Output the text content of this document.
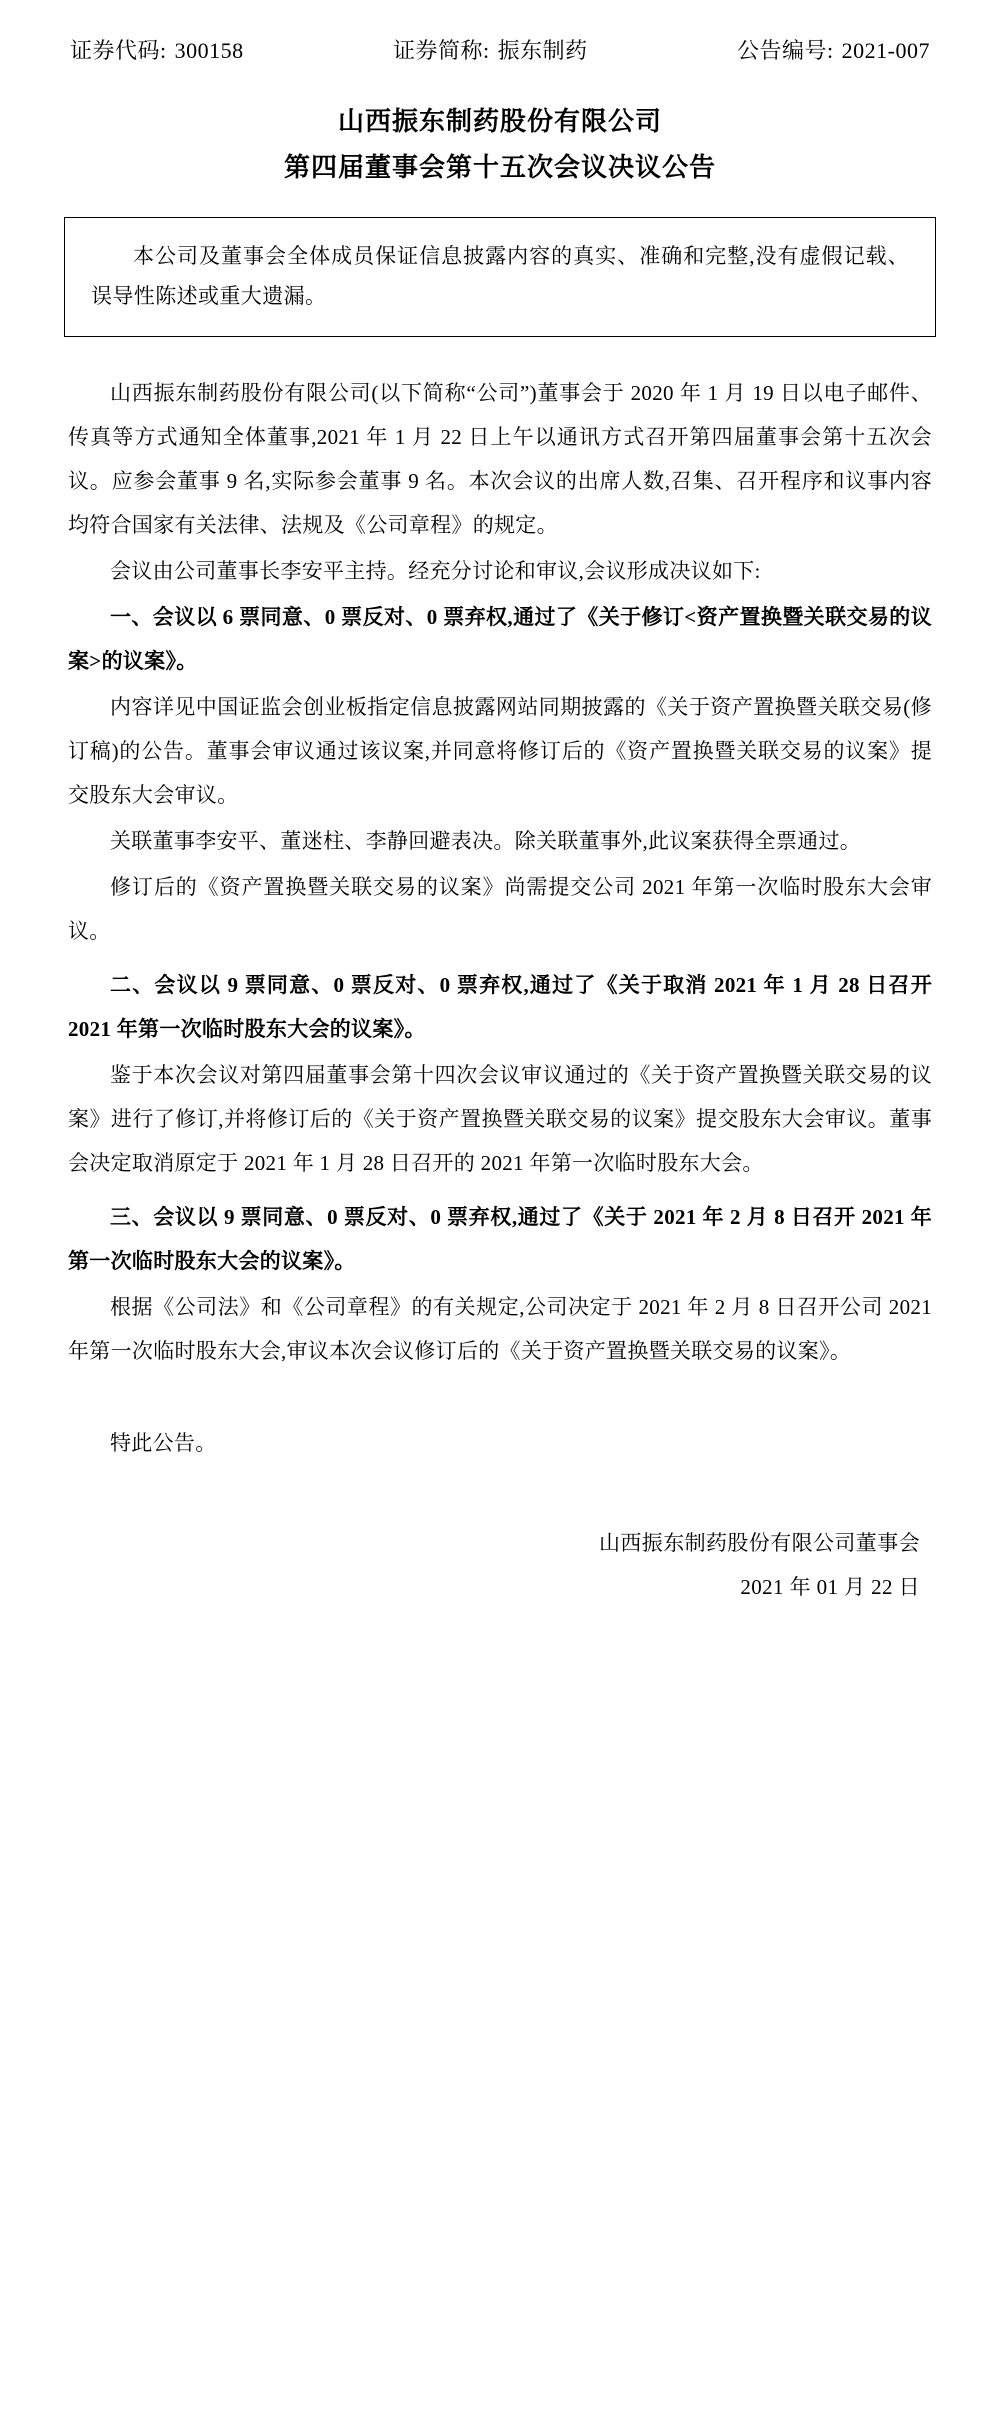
证券代码: 300158	证券简称: 振东制药	公告编号: 2021-007
山西振东制药股份有限公司
第四届董事会第十五次会议决议公告

本公司及董事会全体成员保证信息披露内容的真实、准确和完整,没有虚假记载、误导性陈述或重大遗漏。

山西振东制药股份有限公司(以下简称“公司”)董事会于 2020 年 1 月 19 日以电子邮件、传真等方式通知全体董事,2021 年 1 月 22 日上午以通讯方式召开第四届董事会第十五次会议。应参会董事 9 名,实际参会董事 9 名。本次会议的出席人数,召集、召开程序和议事内容均符合国家有关法律、法规及《公司章程》的规定。

会议由公司董事长李安平主持。经充分讨论和审议,会议形成决议如下:

一、会议以 6 票同意、0 票反对、0 票弃权,通过了《关于修订<资产置换暨关联交易的议案>的议案》。

内容详见中国证监会创业板指定信息披露网站同期披露的《关于资产置换暨关联交易(修订稿)的公告。董事会审议通过该议案,并同意将修订后的《资产置换暨关联交易的议案》提交股东大会审议。

关联董事李安平、董迷柱、李静回避表决。除关联董事外,此议案获得全票通过。

修订后的《资产置换暨关联交易的议案》尚需提交公司 2021 年第一次临时股东大会审议。

二、会议以 9 票同意、0 票反对、0 票弃权,通过了《关于取消 2021 年 1 月 28 日召开 2021 年第一次临时股东大会的议案》。

鉴于本次会议对第四届董事会第十四次会议审议通过的《关于资产置换暨关联交易的议案》进行了修订,并将修订后的《关于资产置换暨关联交易的议案》提交股东大会审议。董事会决定取消原定于 2021 年 1 月 28 日召开的 2021 年第一次临时股东大会。

三、会议以 9 票同意、0 票反对、0 票弃权,通过了《关于 2021 年 2 月 8 日召开 2021 年第一次临时股东大会的议案》。

根据《公司法》和《公司章程》的有关规定,公司决定于 2021 年 2 月 8 日召开公司 2021 年第一次临时股东大会,审议本次会议修订后的《关于资产置换暨关联交易的议案》。

特此公告。

山西振东制药股份有限公司董事会
2021 年 01 月 22 日
